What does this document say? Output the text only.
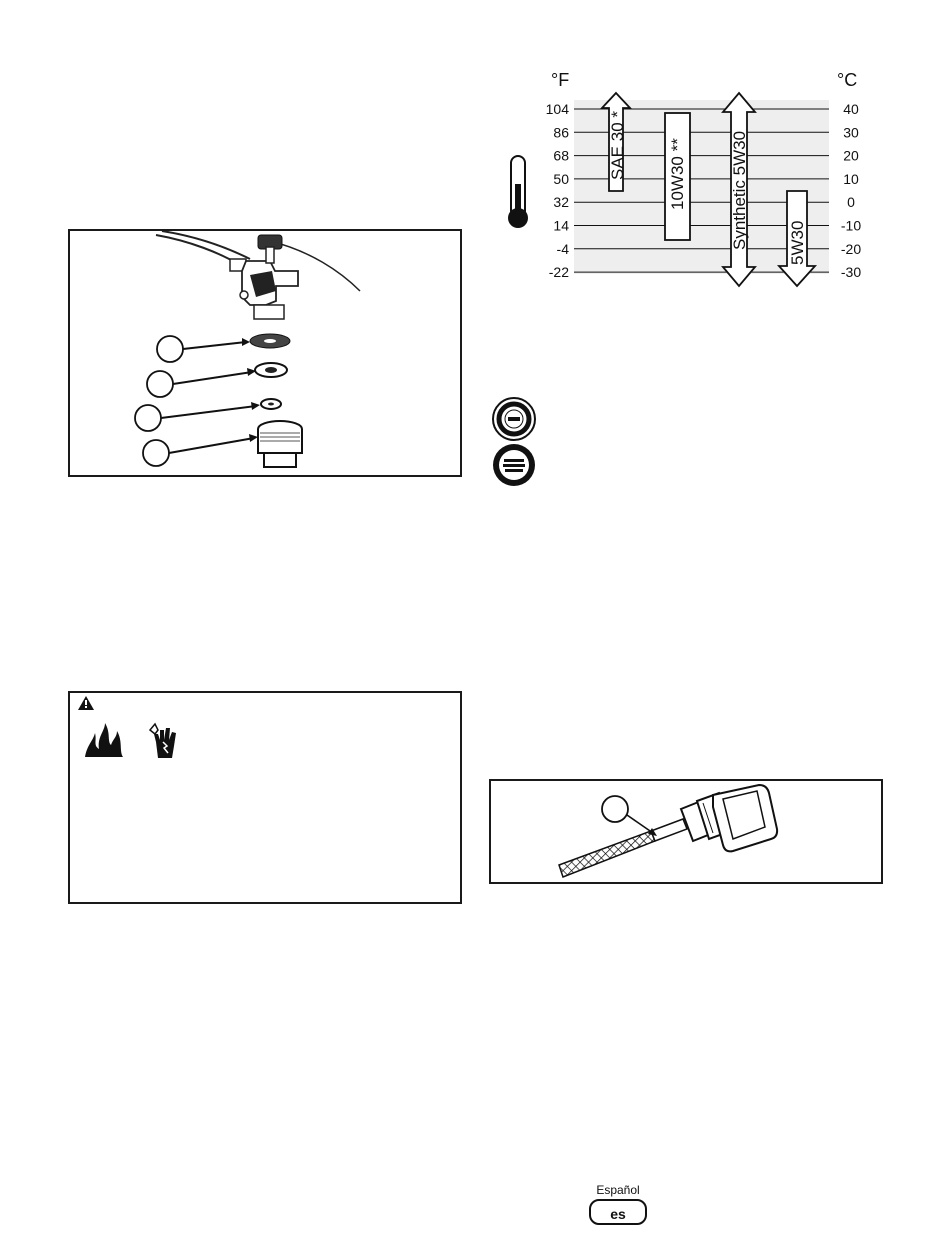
104
86
68
50
32
14
-4
-22
40
30
20
10
0
-10
-20
-30
°F	°C
SAE 30 * 10W30 **	Synthetic 5W30 5W30
Español
es
